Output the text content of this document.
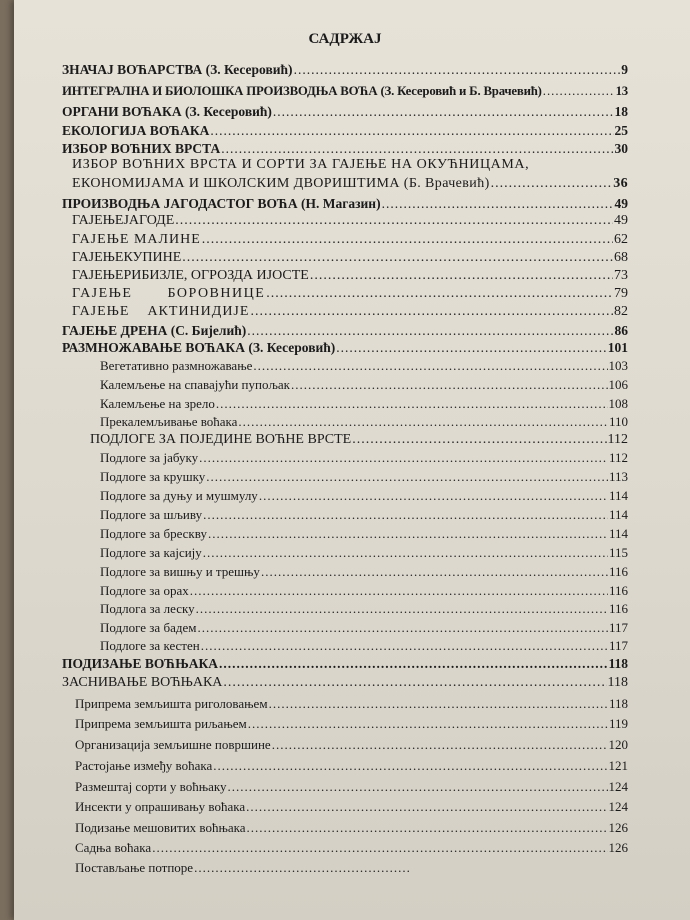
САДРЖАЈ
ЗНАЧАЈ ВОЋАРСТВА (З. Кесеровић) .....	9
ИНТЕГРАЛНА И БИОЛОШКА ПРОИЗВОДЊА ВОЋА (З. Кесеровић и Б. Врачевић) .....	13
ОРГАНИ ВОЋАКА (З. Кесеровић) .....	18
ЕКОЛОГИЈА ВОЋАКА .....	25
ИЗБОР ВОЋНИХ ВРСТА .....	30
ИЗБОР ВОЋНИХ ВРСТА И СОРТИ ЗА ГАЈЕЊЕ НА ОКУЋНИЦАМА,
ЕКОНОМИЈАМА И ШКОЛСКИМ ДВОРИШТИМА (Б. Врачевић) .....	36
ПРОИЗВОДЊА ЈАГОДАСТОГ ВОЋА (Н. Магазин) .....	49
ГАЈЕЊЕЈАГОДЕ .....	49
ГАЈЕЊЕ МАЛИНЕ .....	62
ГАЈЕЊЕКУПИНЕ .....	68
ГАЈЕЊЕРИБИЗЛЕ, ОГРОЗДА ИЈОСТЕ .....	73
ГАЈЕЊЕ       БОРОВНИЦЕ .....	79
ГАЈЕЊЕ    АКТИНИДИЈЕ .....	82
ГАЈЕЊЕ ДРЕНА (С. Бијелић) .....	86
РАЗМНОЖАВАЊЕ ВОЋАКА (З. Кесеровић) .....	101
Вегетативно размножавање .....	103
Калемљење на спавајући пупољак .....	106
Калемљење на зрело .....	108
Прекалемљивање воћака .....	110
ПОДЛОГЕ ЗА ПОЈЕДИНЕ ВОЋНЕ ВРСТЕ .....	112
Подлоге за јабуку .....	112
Подлоге за крушку .....	113
Подлоге за дуњу и мушмулу .....	114
Подлоге за шљиву .....	114
Подлоге за брескву .....	114
Подлоге за кајсију .....	115
Подлоге за вишњу и трешњу .....	116
Подлоге за орах .....	116
Подлога за леску .....	116
Подлоге за бадем .....	117
Подлоге за кестен .....	117
ПОДИЗАЊЕ ВОЋЊАКА .....	118
ЗАСНИВАЊЕ ВОЋЊАКА .....	118
Припрема земљишта риголовањем .....	118
Припрема земљишта риљањем .....	119
Организација земљишне површине .....	120
Растојање између воћака .....	121
Размештај сорти у воћњаку .....	124
Инсекти у опрашивању воћака .....	124
Подизање мешовитих воћњака .....	126
Садња воћака .....	126
Постављање потпоре
.....
